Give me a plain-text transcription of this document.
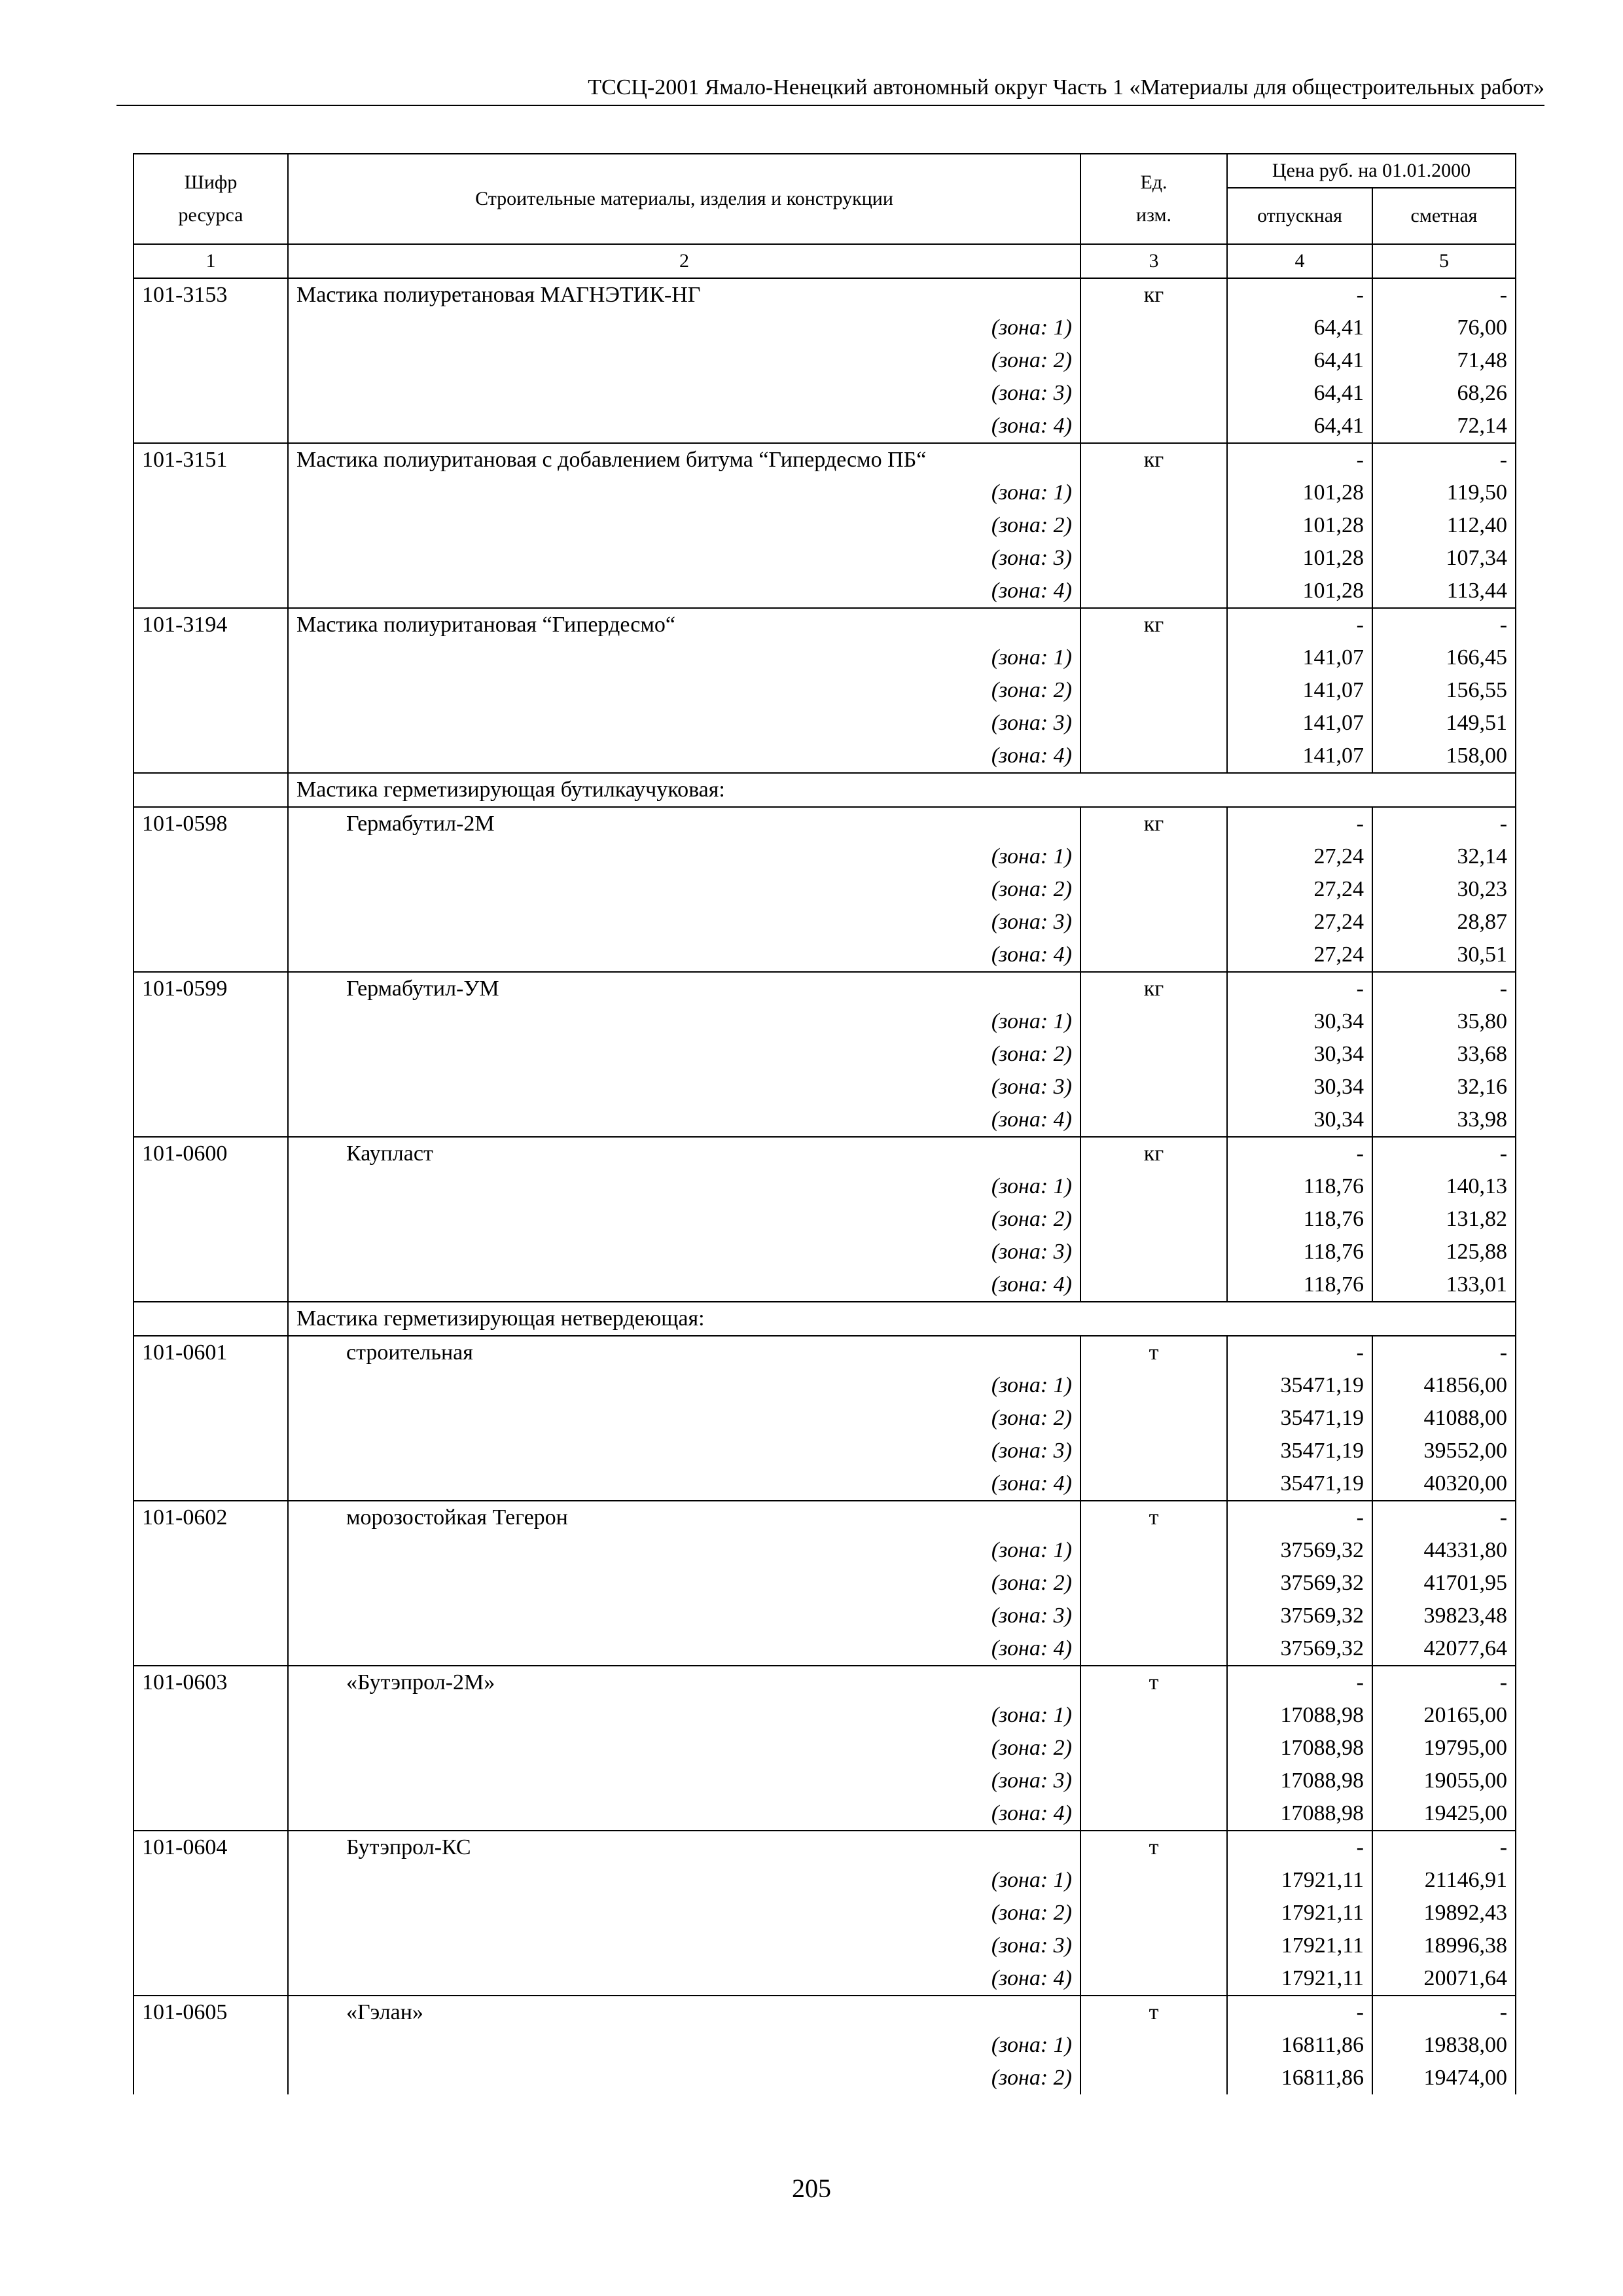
ТССЦ-2001 Ямало-Ненецкий автономный округ Часть 1 «Материалы для общестроительных работ»
Шифр ресурса	Строительные материалы, изделия и конструкции	Ед. изм.	Цена руб. на 01.01.2000	
			отпускная	сметная
1	2	3	4	5
101-3153	Мастика полиуретановая МАГНЭТИК-НГ	кг	-	-
	(зона: 1)		64,41	76,00
	(зона: 2)		64,41	71,48
	(зона: 3)		64,41	68,26
	(зона: 4)		64,41	72,14
101-3151	Мастика полиуритановая с добавлением битума “Гипердесмо ПБ“	кг	-	-
	(зона: 1)		101,28	119,50
	(зона: 2)		101,28	112,40
	(зона: 3)		101,28	107,34
	(зона: 4)		101,28	113,44
101-3194	Мастика полиуритановая “Гипердесмо“	кг	-	-
	(зона: 1)		141,07	166,45
	(зона: 2)		141,07	156,55
	(зона: 3)		141,07	149,51
	(зона: 4)		141,07	158,00
	Мастика герметизирующая бутилкаучуковая:			
101-0598	Гермабутил-2М	кг	-	-
	(зона: 1)		27,24	32,14
	(зона: 2)		27,24	30,23
	(зона: 3)		27,24	28,87
	(зона: 4)		27,24	30,51
101-0599	Гермабутил-УМ	кг	-	-
	(зона: 1)		30,34	35,80
	(зона: 2)		30,34	33,68
	(зона: 3)		30,34	32,16
	(зона: 4)		30,34	33,98
101-0600	Каупласт	кг	-	-
	(зона: 1)		118,76	140,13
	(зона: 2)		118,76	131,82
	(зона: 3)		118,76	125,88
	(зона: 4)		118,76	133,01
	Мастика герметизирующая нетвердеющая:			
101-0601	строительная	т	-	-
	(зона: 1)		35471,19	41856,00
	(зона: 2)		35471,19	41088,00
	(зона: 3)		35471,19	39552,00
	(зона: 4)		35471,19	40320,00
101-0602	морозостойкая Тегерон	т	-	-
	(зона: 1)		37569,32	44331,80
	(зона: 2)		37569,32	41701,95
	(зона: 3)		37569,32	39823,48
	(зона: 4)		37569,32	42077,64
101-0603	«Бутэпрол-2М»	т	-	-
	(зона: 1)		17088,98	20165,00
	(зона: 2)		17088,98	19795,00
	(зона: 3)		17088,98	19055,00
	(зона: 4)		17088,98	19425,00
101-0604	Бутэпрол-КС	т	-	-
	(зона: 1)		17921,11	21146,91
	(зона: 2)		17921,11	19892,43
	(зона: 3)		17921,11	18996,38
	(зона: 4)		17921,11	20071,64
101-0605	«Гэлан»	т	-	-
	(зона: 1)		16811,86	19838,00
	(зона: 2)		16811,86	19474,00
205
